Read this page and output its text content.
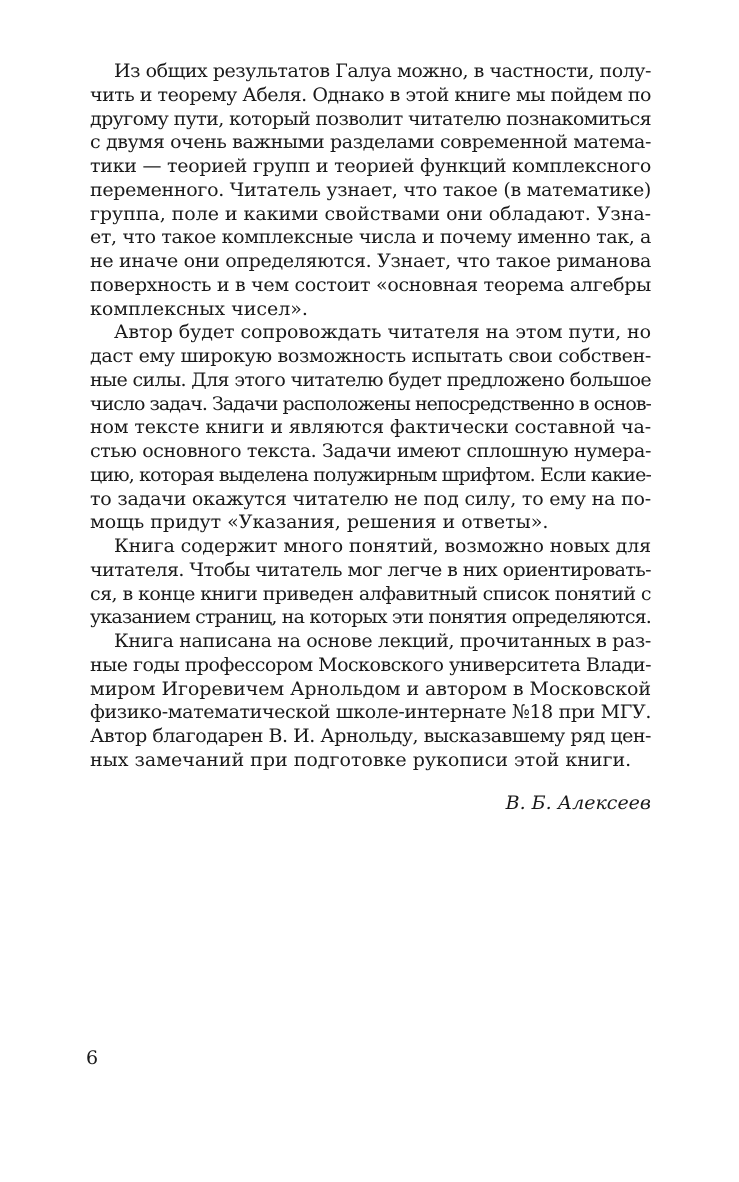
Из общих результатов Галуа можно, в частности, полу-
чить и теорему Абеля. Однако в этой книге мы пойдем по
другому пути, который позволит читателю познакомиться
с двумя очень важными разделами современной матема-
тики — теорией групп и теорией функций комплексного
переменного. Читатель узнает, что такое (в математике)
группа, поле и какими свойствами они обладают. Узна-
ет, что такое комплексные числа и почему именно так, а
не иначе они определяются. Узнает, что такое риманова
поверхность и в чем состоит «основная теорема алгебры
комплексных чисел».

Автор будет сопровождать читателя на этом пути, но
даст ему широкую возможность испытать свои собствен-
ные силы. Для этого читателю будет предложено большое
число задач. Задачи расположены непосредственно в основ-
ном тексте книги и являются фактически составной ча-
стью основного текста. Задачи имеют сплошную нумера-
цию, которая выделена полужирным шрифтом. Если какие-
то задачи окажутся читателю не под силу, то ему на по-
мощь придут «Указания, решения и ответы».

Книга содержит много понятий, возможно новых для
читателя. Чтобы читатель мог легче в них ориентировать-
ся, в конце книги приведен алфавитный список понятий с
указанием страниц, на которых эти понятия определяются.

Книга написана на основе лекций, прочитанных в раз-
ные годы профессором Московского университета Влади-
миром Игоревичем Арнольдом и автором в Московской
физико-математической школе-интернате №18 при МГУ.
Автор благодарен В. И. Арнольду, высказавшему ряд цен-
ных замечаний при подготовке рукописи этой книги.

В. Б. Алексеев
6
